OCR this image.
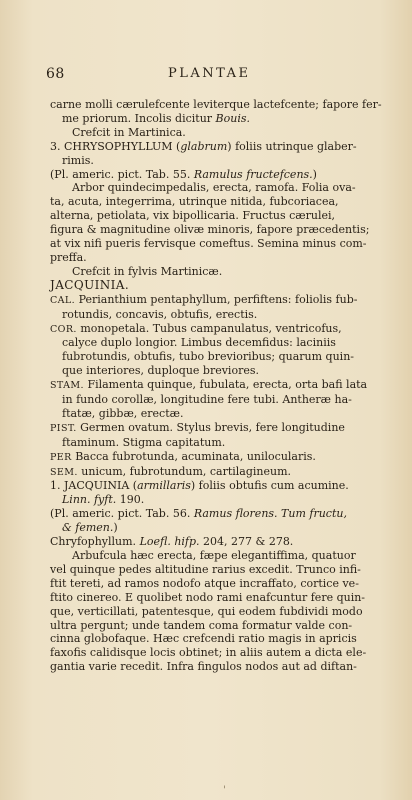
68	PLANTAE

carne molli cærulefcente leviterque lactefcente; fapore fer-

me priorum. Incolis dicitur Bouis.

Crefcit in Martinica.

3. CHRYSOPHYLLUM (glabrum) foliis utrinque glaber-

rimis.

(Pl. americ. pict. Tab. 55. Ramulus fructefcens.)

Arbor quindecimpedalis, erecta, ramofa. Folia ova-

ta, acuta, integerrima, utrinque nitida, fubcoriacea,

alterna, petiolata, vix bipollicaria. Fructus cærulei,

figura & magnitudine olivæ minoris, fapore præcedentis;

at vix nifi pueris fervisque comeftus. Semina minus com-

preffa.

Crefcit in fylvis Martinicæ.

JACQUINIA.

CAL. Perianthium pentaphyllum, perfiftens: foliolis fub-

rotundis, concavis, obtufis, erectis.

COR. monopetala. Tubus campanulatus, ventricofus,

calyce duplo longior. Limbus decemfidus: laciniis

fubrotundis, obtufis, tubo brevioribus; quarum quin-

que interiores, duploque breviores.

STAM. Filamenta quinque, fubulata, erecta, orta bafi lata

in fundo corollæ, longitudine fere tubi. Antheræ ha-

ftatæ, gibbæ, erectæ.

PIST. Germen ovatum. Stylus brevis, fere longitudine

ftaminum. Stigma capitatum.

PER Bacca fubrotunda, acuminata, unilocularis.

SEM. unicum, fubrotundum, cartilagineum.

1. JACQUINIA (armillaris) foliis obtufis cum acumine.

Linn. fyft. 190.

(Pl. americ. pict. Tab. 56. Ramus florens. Tum fructu,

& femen.)

Chryfophyllum. Loefl. hifp. 204, 277 & 278.

Arbufcula hæc erecta, fæpe elegantiffima, quatuor

vel quinque pedes altitudine rarius excedit. Trunco infi-

ftit tereti, ad ramos nodofo atque incraffato, cortice ve-

ftito cinereo. E quolibet nodo rami enafcuntur fere quin-

que, verticillati, patentesque, qui eodem fubdividi modo

ultra pergunt; unde tandem coma formatur valde con-

cinna globofaque. Hæc crefcendi ratio magis in apricis

faxofis calidisque locis obtinet; in aliis autem a dicta ele-

gantia varie recedit. Infra fingulos nodos aut ad diftan-

'
